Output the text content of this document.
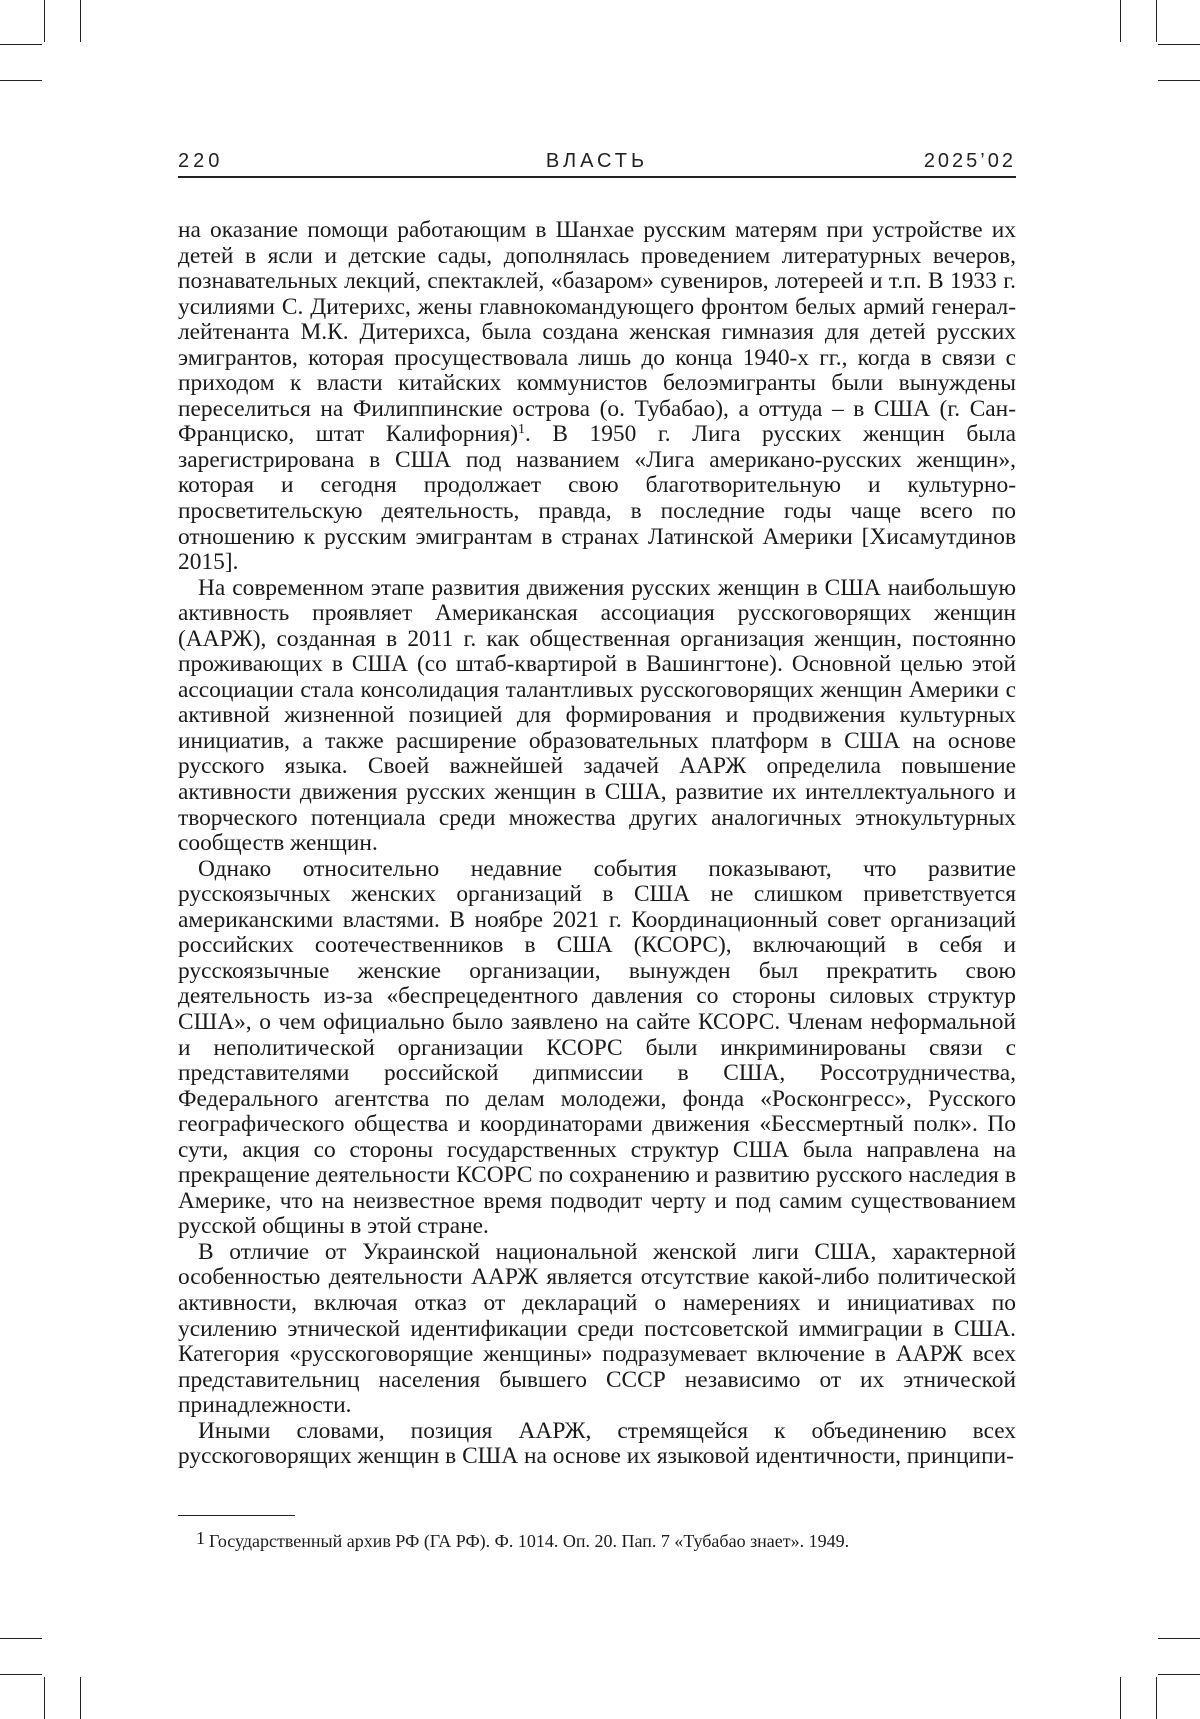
220	ВЛАСТЬ	2025’02

на оказание помощи работающим в Шанхае русским матерям при устройстве их детей в ясли и детские сады, дополнялась проведением литературных вечеров, познавательных лекций, спектаклей, «базаром» сувениров, лотереей и т.п. В 1933 г. усилиями С. Дитерихс, жены главнокомандующего фронтом белых армий генерал-лейтенанта М.К. Дитерихса, была создана женская гимназия для детей русских эмигрантов, которая просуществовала лишь до конца 1940-х гг., когда в связи с приходом к власти китайских коммунистов белоэмигранты были вынуждены переселиться на Филиппинские острова (о. Тубабао), а оттуда – в США (г. Сан-Франциско, штат Калифорния)$^1$. В 1950 г. Лига русских женщин была зарегистрирована в США под названием «Лига американо-русских женщин», которая и сегодня продолжает свою благотворительную и культурно-просветительскую деятельность, правда, в последние годы чаще всего по отношению к русским эмигрантам в странах Латинской Америки [Хисамутдинов 2015].

На современном этапе развития движения русских женщин в США наибольшую активность проявляет Американская ассоциация русскоговорящих женщин (ААРЖ), созданная в 2011 г. как общественная организация женщин, постоянно проживающих в США (со штаб-квартирой в Вашингтоне). Основной целью этой ассоциации стала консолидация талантливых русскоговорящих женщин Америки с активной жизненной позицией для формирования и продвижения культурных инициатив, а также расширение образовательных платформ в США на основе русского языка. Своей важнейшей задачей ААРЖ определила повышение активности движения русских женщин в США, развитие их интеллектуального и творческого потенциала среди множества других аналогичных этнокультурных сообществ женщин.

Однако относительно недавние события показывают, что развитие русскоязычных женских организаций в США не слишком приветствуется американскими властями. В ноябре 2021 г. Координационный совет организаций российских соотечественников в США (КСОРС), включающий в себя и русскоязычные женские организации, вынужден был прекратить свою деятельность из-за «беспрецедентного давления со стороны силовых структур США», о чем официально было заявлено на сайте КСОРС. Членам неформальной и неполитической организации КСОРС были инкриминированы связи с представителями российской дипмиссии в США, Россотрудничества, Федерального агентства по делам молодежи, фонда «Росконгресс», Русского географического общества и координаторами движения «Бессмертный полк». По сути, акция со стороны государственных структур США была направлена на прекращение деятельности КСОРС по сохранению и развитию русского наследия в Америке, что на неизвестное время подводит черту и под самим существованием русской общины в этой стране.

В отличие от Украинской национальной женской лиги США, характерной особенностью деятельности ААРЖ является отсутствие какой-либо политической активности, включая отказ от деклараций о намерениях и инициативах по усилению этнической идентификации среди постсоветской иммиграции в США. Категория «русскоговорящие женщины» подразумевает включение в ААРЖ всех представительниц населения бывшего СССР независимо от их этнической принадлежности.

Иными словами, позиция ААРЖ, стремящейся к объединению всех русскоговорящих женщин в США на основе их языковой идентичности, принципи-

1 Государственный архив РФ (ГА РФ). Ф. 1014. Оп. 20. Пап. 7 «Тубабао знает». 1949.
